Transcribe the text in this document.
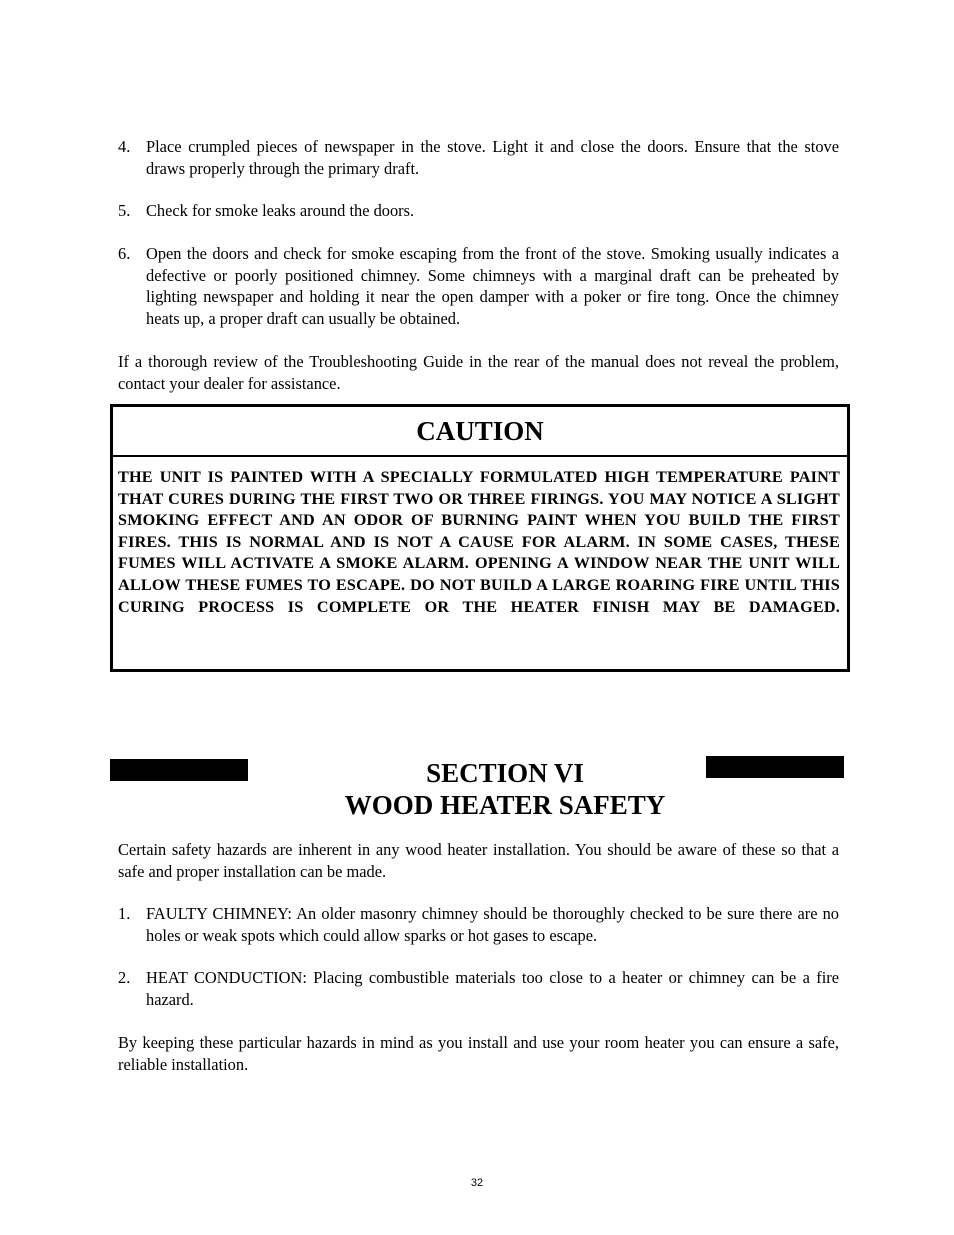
4. Place crumpled pieces of newspaper in the stove. Light it and close the doors. Ensure that the stove draws properly through the primary draft.
5. Check for smoke leaks around the doors.
6. Open the doors and check for smoke escaping from the front of the stove. Smoking usually indicates a defective or poorly positioned chimney. Some chimneys with a marginal draft can be preheated by lighting newspaper and holding it near the open damper with a poker or fire tong. Once the chimney heats up, a proper draft can usually be obtained.
If a thorough review of the Troubleshooting Guide in the rear of the manual does not reveal the problem, contact your dealer for assistance.
CAUTION
THE UNIT IS PAINTED WITH A SPECIALLY FORMULATED HIGH TEMPERATURE PAINT THAT CURES DURING THE FIRST TWO OR THREE FIRINGS. YOU MAY NOTICE A SLIGHT SMOKING EFFECT AND AN ODOR OF BURNING PAINT WHEN YOU BUILD THE FIRST FIRES. THIS IS NORMAL AND IS NOT A CAUSE FOR ALARM. IN SOME CASES, THESE FUMES WILL ACTIVATE A SMOKE ALARM. OPENING A WINDOW NEAR THE UNIT WILL ALLOW THESE FUMES TO ESCAPE. DO NOT BUILD A LARGE ROARING FIRE UNTIL THIS CURING PROCESS IS COMPLETE OR THE HEATER FINISH MAY BE DAMAGED.
SECTION VI
WOOD HEATER SAFETY
Certain safety hazards are inherent in any wood heater installation. You should be aware of these so that a safe and proper installation can be made.
1. FAULTY CHIMNEY: An older masonry chimney should be thoroughly checked to be sure there are no holes or weak spots which could allow sparks or hot gases to escape.
2. HEAT CONDUCTION: Placing combustible materials too close to a heater or chimney can be a fire hazard.
By keeping these particular hazards in mind as you install and use your room heater you can ensure a safe, reliable installation.
32
